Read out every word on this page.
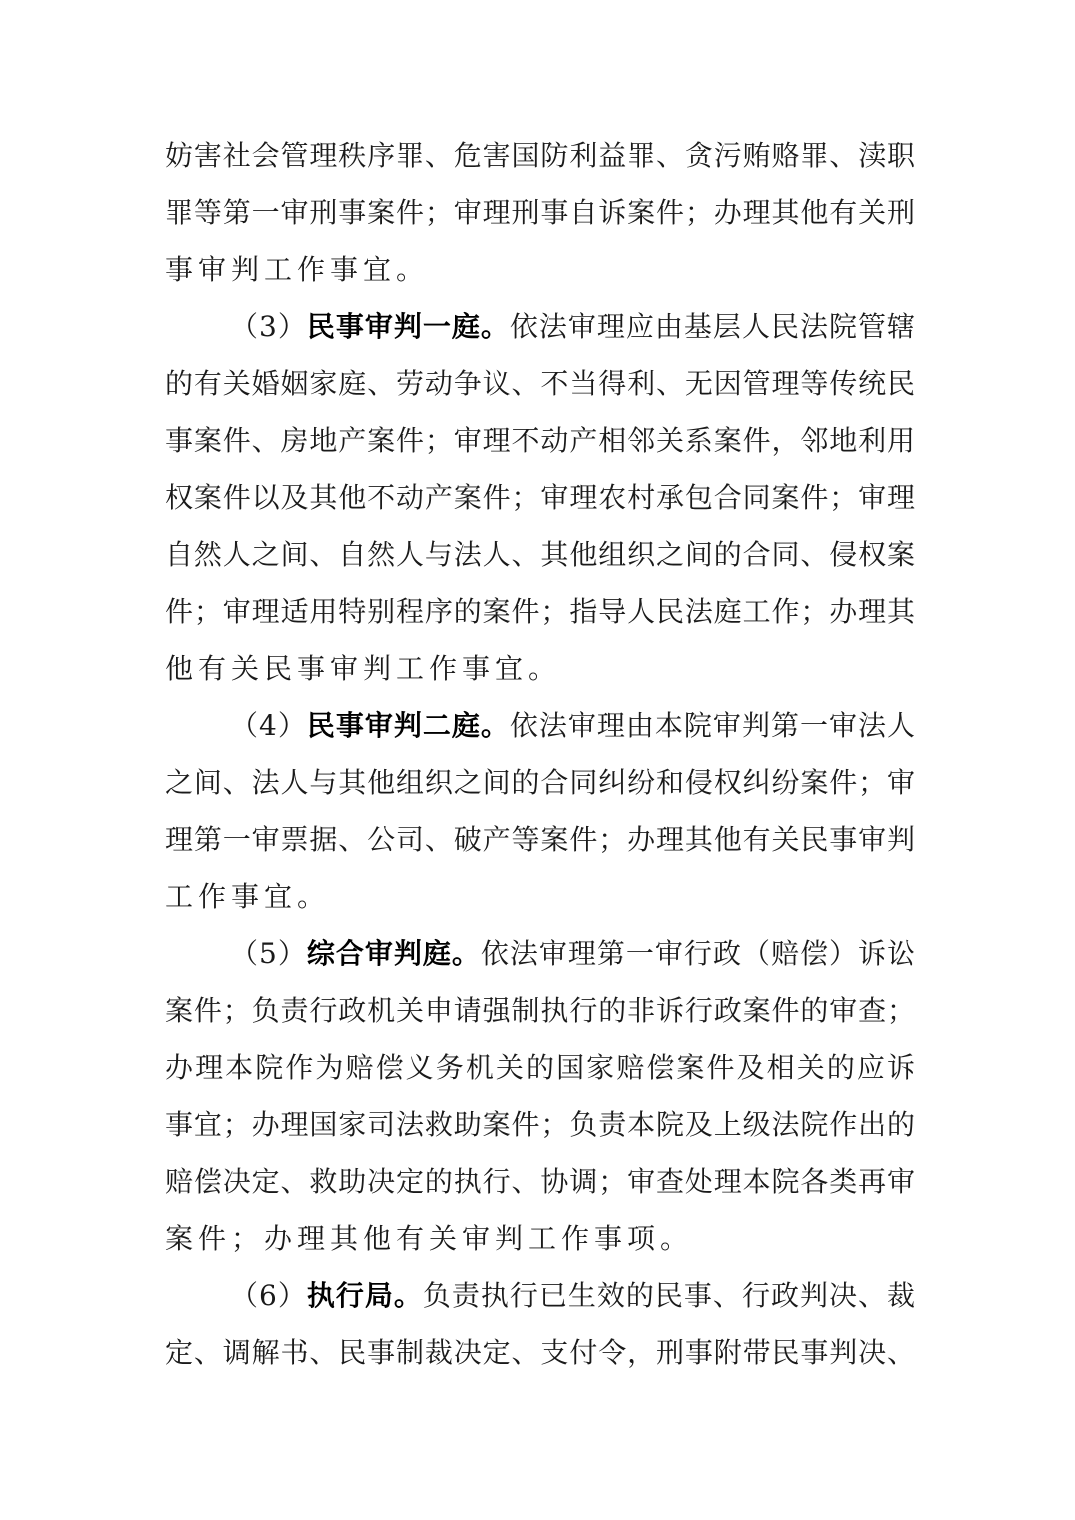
妨害社会管理秩序罪、危害国防利益罪、贪污贿赂罪、渎职
罪等第一审刑事案件；审理刑事自诉案件；办理其他有关刑
事审判工作事宜。
（3）民事审判一庭。依法审理应由基层人民法院管辖
的有关婚姻家庭、劳动争议、不当得利、无因管理等传统民
事案件、房地产案件；审理不动产相邻关系案件，邻地利用
权案件以及其他不动产案件；审理农村承包合同案件；审理
自然人之间、自然人与法人、其他组织之间的合同、侵权案
件；审理适用特别程序的案件；指导人民法庭工作；办理其
他有关民事审判工作事宜。
（4）民事审判二庭。依法审理由本院审判第一审法人
之间、法人与其他组织之间的合同纠纷和侵权纠纷案件；审
理第一审票据、公司、破产等案件；办理其他有关民事审判
工作事宜。
（5）综合审判庭。依法审理第一审行政（赔偿）诉讼
案件；负责行政机关申请强制执行的非诉行政案件的审查；
办理本院作为赔偿义务机关的国家赔偿案件及相关的应诉
事宜；办理国家司法救助案件；负责本院及上级法院作出的
赔偿决定、救助决定的执行、协调；审查处理本院各类再审
案件；办理其他有关审判工作事项。
（6）执行局。负责执行已生效的民事、行政判决、裁
定、调解书、民事制裁决定、支付令，刑事附带民事判决、
